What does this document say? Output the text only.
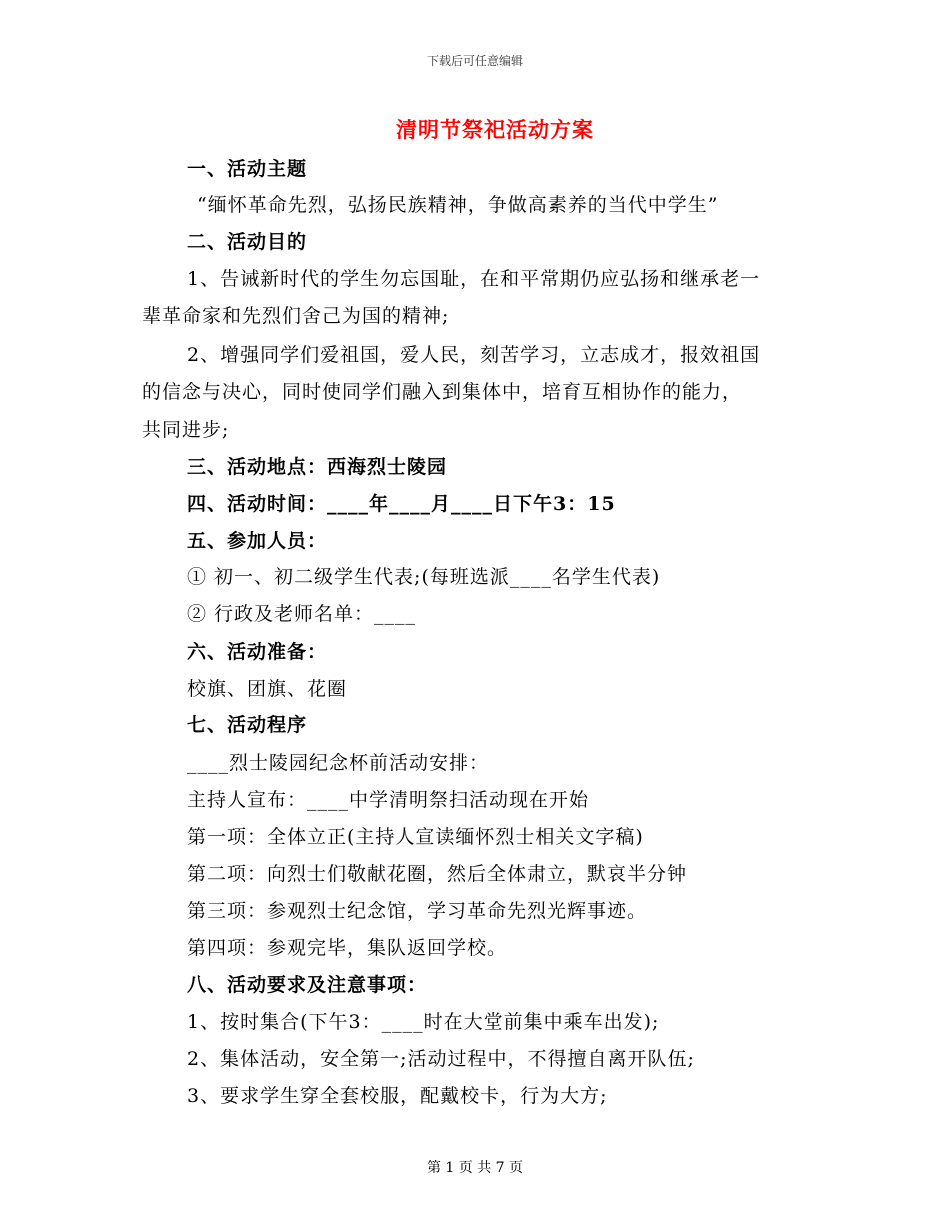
下载后可任意编辑
清明节祭祀活动方案
一、活动主题
“缅怀革命先烈，弘扬民族精神，争做高素养的当代中学生”
二、活动目的
1、告诫新时代的学生勿忘国耻，在和平常期仍应弘扬和继承老一
辈革命家和先烈们舍己为国的精神;
2、增强同学们爱祖国，爱人民，刻苦学习，立志成才，报效祖国
的信念与决心，同时使同学们融入到集体中，培育互相协作的能力，
共同进步;
三、活动地点：西海烈士陵园
四、活动时间：____年____月____日下午3：15
五、参加人员：
① 初一、初二级学生代表;(每班选派____名学生代表)
② 行政及老师名单：____
六、活动准备：
校旗、团旗、花圈
七、活动程序
____烈士陵园纪念杯前活动安排：
主持人宣布：____中学清明祭扫活动现在开始
第一项：全体立正(主持人宣读缅怀烈士相关文字稿)
第二项：向烈士们敬献花圈，然后全体肃立，默哀半分钟
第三项：参观烈士纪念馆，学习革命先烈光辉事迹。
第四项：参观完毕，集队返回学校。
八、活动要求及注意事项：
1、按时集合(下午3：____时在大堂前集中乘车出发);
2、集体活动，安全第一;活动过程中，不得擅自离开队伍;
3、要求学生穿全套校服，配戴校卡，行为大方;
第 1 页 共 7 页
